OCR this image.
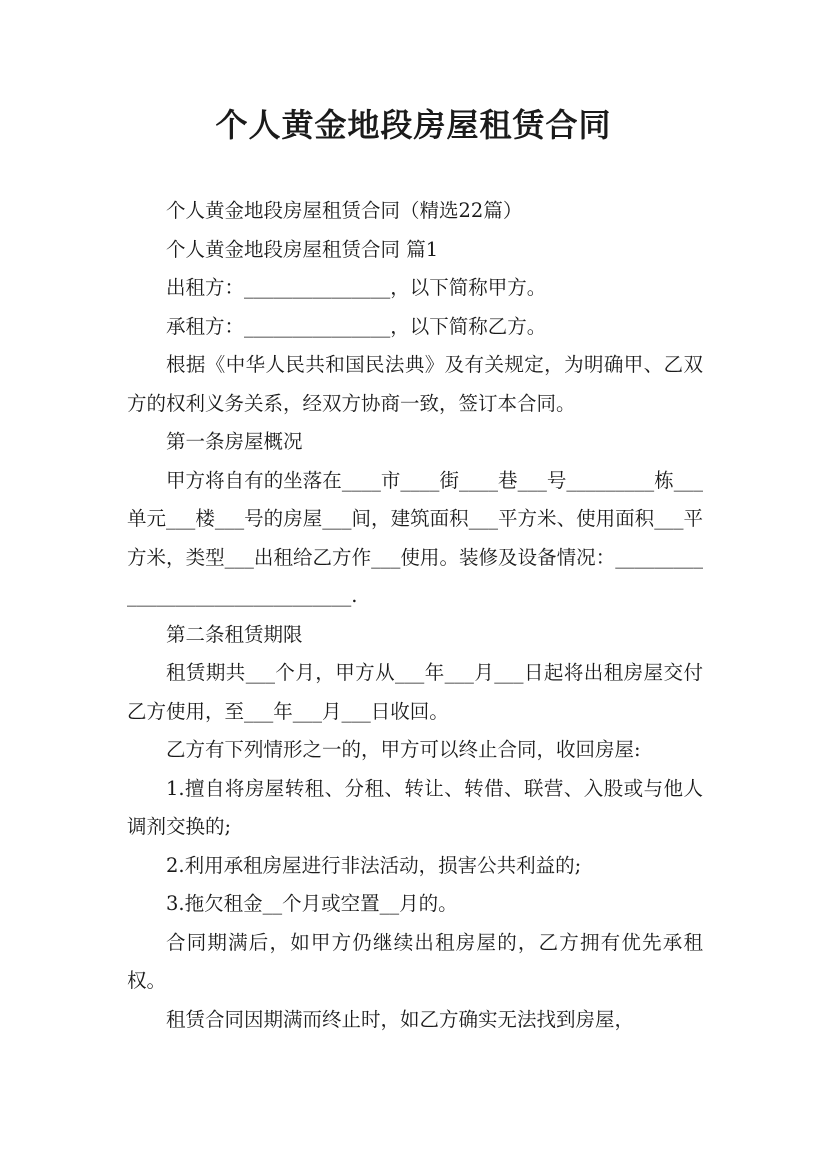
个人黄金地段房屋租赁合同

个人黄金地段房屋租赁合同（精选22篇）

个人黄金地段房屋租赁合同 篇1

出租方：_______________，以下简称甲方。

承租方：_______________，以下简称乙方。

根据《中华人民共和国民法典》及有关规定，为明确甲、乙双方的权利义务关系，经双方协商一致，签订本合同。

第一条房屋概况

甲方将自有的坐落在____市____街____巷___号_________栋___单元___楼___号的房屋___间，建筑面积___平方米、使用面积___平方米，类型___出租给乙方作___使用。装修及设备情况：________________________________.

第二条租赁期限

租赁期共___个月，甲方从___年___月___日起将出租房屋交付乙方使用，至___年___月___日收回。

乙方有下列情形之一的，甲方可以终止合同，收回房屋:

1.擅自将房屋转租、分租、转让、转借、联营、入股或与他人调剂交换的;

2.利用承租房屋进行非法活动，损害公共利益的;

3.拖欠租金__个月或空置__月的。

合同期满后，如甲方仍继续出租房屋的，乙方拥有优先承租权。

租赁合同因期满而终止时，如乙方确实无法找到房屋，
